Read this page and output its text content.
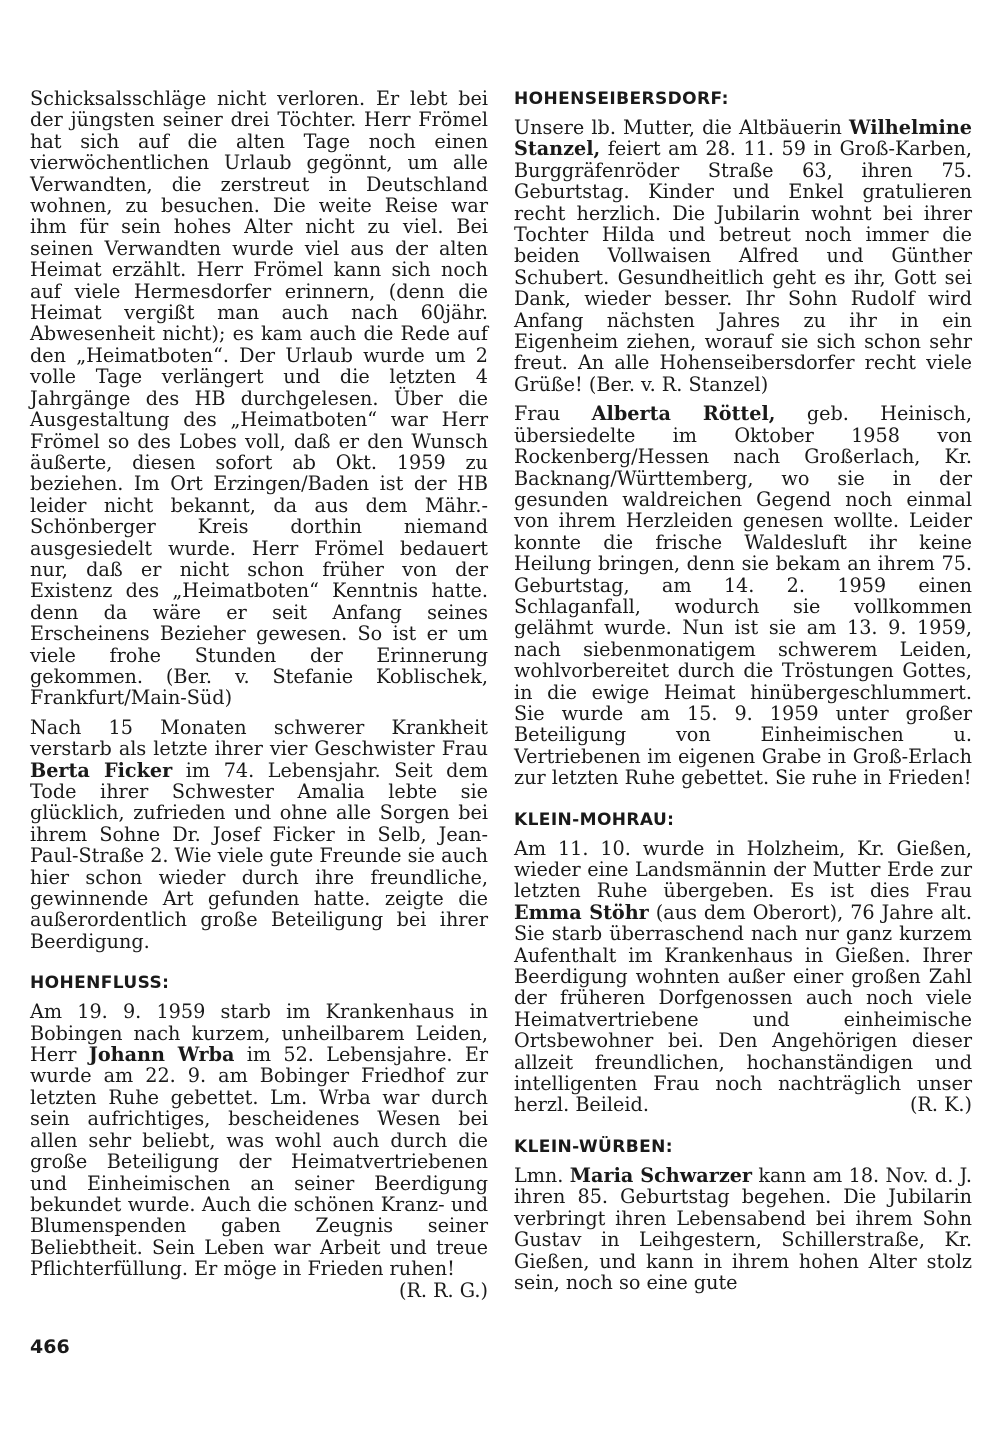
Schicksalsschläge nicht verloren. Er lebt bei der jüngsten seiner drei Töchter. Herr Frömel hat sich auf die alten Tage noch einen vierwöchentlichen Urlaub gegönnt, um alle Verwandten, die zerstreut in Deutschland wohnen, zu besuchen. Die weite Reise war ihm für sein hohes Alter nicht zu viel. Bei seinen Verwandten wurde viel aus der alten Heimat erzählt. Herr Frömel kann sich noch auf viele Hermesdorfer erinnern, (denn die Heimat vergißt man auch nach 60jähr. Abwesenheit nicht); es kam auch die Rede auf den „Heimatboten“. Der Urlaub wurde um 2 volle Tage verlängert und die letzten 4 Jahrgänge des HB durchgelesen. Über die Ausgestaltung des „Heimatboten“ war Herr Frömel so des Lobes voll, daß er den Wunsch äußerte, diesen sofort ab Okt. 1959 zu beziehen. Im Ort Erzingen/Baden ist der HB leider nicht bekannt, da aus dem Mähr.-Schönberger Kreis dorthin niemand ausgesiedelt wurde. Herr Frömel bedauert nur, daß er nicht schon früher von der Existenz des „Heimatboten“ Kenntnis hatte. denn da wäre er seit Anfang seines Erscheinens Bezieher gewesen. So ist er um viele frohe Stunden der Erinnerung gekommen. (Ber. v. Stefanie Koblischek, Frankfurt/Main-Süd)

Nach 15 Monaten schwerer Krankheit verstarb als letzte ihrer vier Geschwister Frau Berta Ficker im 74. Lebensjahr. Seit dem Tode ihrer Schwester Amalia lebte sie glücklich, zufrieden und ohne alle Sorgen bei ihrem Sohne Dr. Josef Ficker in Selb, Jean-Paul-Straße 2. Wie viele gute Freunde sie auch hier schon wieder durch ihre freundliche, gewinnende Art gefunden hatte. zeigte die außerordentlich große Beteiligung bei ihrer Beerdigung.

HOHENFLUSS:

Am 19. 9. 1959 starb im Krankenhaus in Bobingen nach kurzem, unheilbarem Leiden, Herr Johann Wrba im 52. Lebensjahre. Er wurde am 22. 9. am Bobinger Friedhof zur letzten Ruhe gebettet. Lm. Wrba war durch sein aufrichtiges, bescheidenes Wesen bei allen sehr beliebt, was wohl auch durch die große Beteiligung der Heimatvertriebenen und Einheimischen an seiner Beerdigung bekundet wurde. Auch die schönen Kranz- und Blumenspenden gaben Zeugnis seiner Beliebtheit. Sein Leben war Arbeit und treue Pflichterfüllung. Er möge in Frieden ruhen!
(R. R. G.)

HOHENSEIBERSDORF:

Unsere lb. Mutter, die Altbäuerin Wilhelmine Stanzel, feiert am 28. 11. 59 in Groß-Karben, Burggräfenröder Straße 63, ihren 75. Geburtstag. Kinder und Enkel gratulieren recht herzlich. Die Jubilarin wohnt bei ihrer Tochter Hilda und betreut noch immer die beiden Vollwaisen Alfred und Günther Schubert. Gesundheitlich geht es ihr, Gott sei Dank, wieder besser. Ihr Sohn Rudolf wird Anfang nächsten Jahres zu ihr in ein Eigenheim ziehen, worauf sie sich schon sehr freut. An alle Hohenseibersdorfer recht viele Grüße! (Ber. v. R. Stanzel)

Frau Alberta Röttel, geb. Heinisch, übersiedelte im Oktober 1958 von Rockenberg/Hessen nach Großerlach, Kr. Backnang/Württemberg, wo sie in der gesunden waldreichen Gegend noch einmal von ihrem Herzleiden genesen wollte. Leider konnte die frische Waldesluft ihr keine Heilung bringen, denn sie bekam an ihrem 75. Geburtstag, am 14. 2. 1959 einen Schlaganfall, wodurch sie vollkommen gelähmt wurde. Nun ist sie am 13. 9. 1959, nach siebenmonatigem schwerem Leiden, wohlvorbereitet durch die Tröstungen Gottes, in die ewige Heimat hinübergeschlummert. Sie wurde am 15. 9. 1959 unter großer Beteiligung von Einheimischen u. Vertriebenen im eigenen Grabe in Groß-Erlach zur letzten Ruhe gebettet. Sie ruhe in Frieden!

KLEIN-MOHRAU:

Am 11. 10. wurde in Holzheim, Kr. Gießen, wieder eine Landsmännin der Mutter Erde zur letzten Ruhe übergeben. Es ist dies Frau Emma Stöhr (aus dem Oberort), 76 Jahre alt. Sie starb überraschend nach nur ganz kurzem Aufenthalt im Krankenhaus in Gießen. Ihrer Beerdigung wohnten außer einer großen Zahl der früheren Dorfgenossen auch noch viele Heimatvertriebene und einheimische Ortsbewohner bei. Den Angehörigen dieser allzeit freundlichen, hochanständigen und intelligenten Frau noch nachträglich unser herzl. Beileid.	(R. K.)

KLEIN-WÜRBEN:

Lmn. Maria Schwarzer kann am 18. Nov. d. J. ihren 85. Geburtstag begehen. Die Jubilarin verbringt ihren Lebensabend bei ihrem Sohn Gustav in Leihgestern, Schillerstraße, Kr. Gießen, und kann in ihrem hohen Alter stolz sein, noch so eine gute

466
